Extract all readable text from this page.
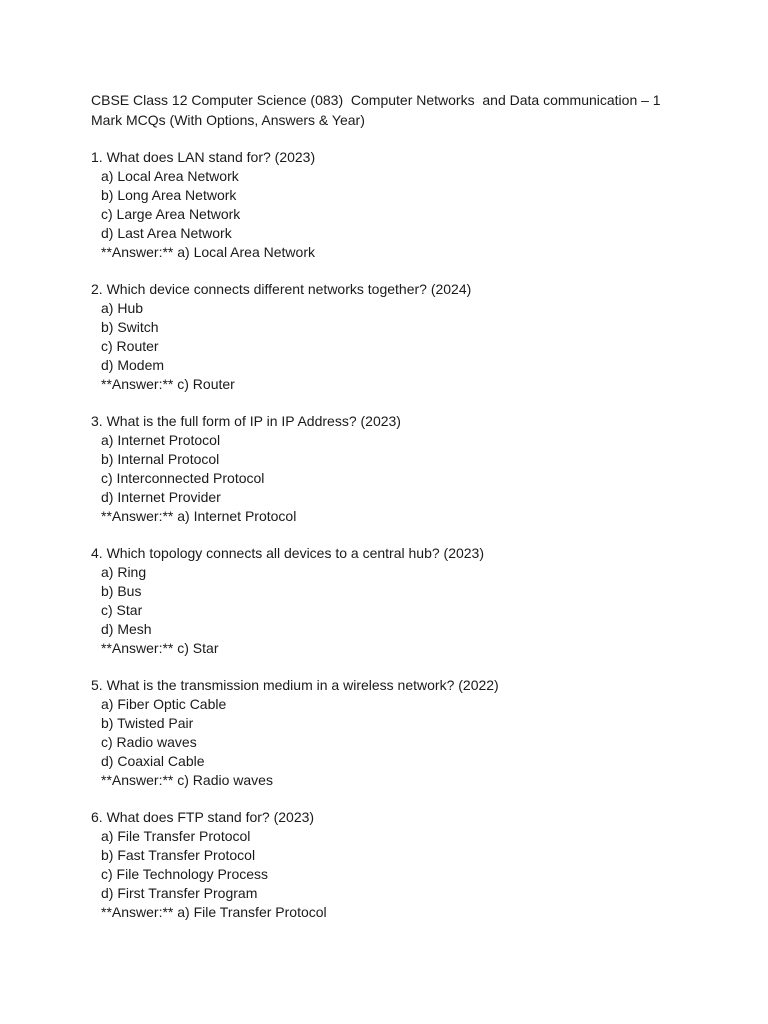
CBSE Class 12 Computer Science (083)  Computer Networks  and Data communication – 1 Mark MCQs (With Options, Answers & Year)
1. What does LAN stand for? (2023)
a) Local Area Network
b) Long Area Network
c) Large Area Network
d) Last Area Network
**Answer:** a) Local Area Network
2. Which device connects different networks together? (2024)
a) Hub
b) Switch
c) Router
d) Modem
**Answer:** c) Router
3. What is the full form of IP in IP Address? (2023)
a) Internet Protocol
b) Internal Protocol
c) Interconnected Protocol
d) Internet Provider
**Answer:** a) Internet Protocol
4. Which topology connects all devices to a central hub? (2023)
a) Ring
b) Bus
c) Star
d) Mesh
**Answer:** c) Star
5. What is the transmission medium in a wireless network? (2022)
a) Fiber Optic Cable
b) Twisted Pair
c) Radio waves
d) Coaxial Cable
**Answer:** c) Radio waves
6. What does FTP stand for? (2023)
a) File Transfer Protocol
b) Fast Transfer Protocol
c) File Technology Process
d) First Transfer Program
**Answer:** a) File Transfer Protocol
